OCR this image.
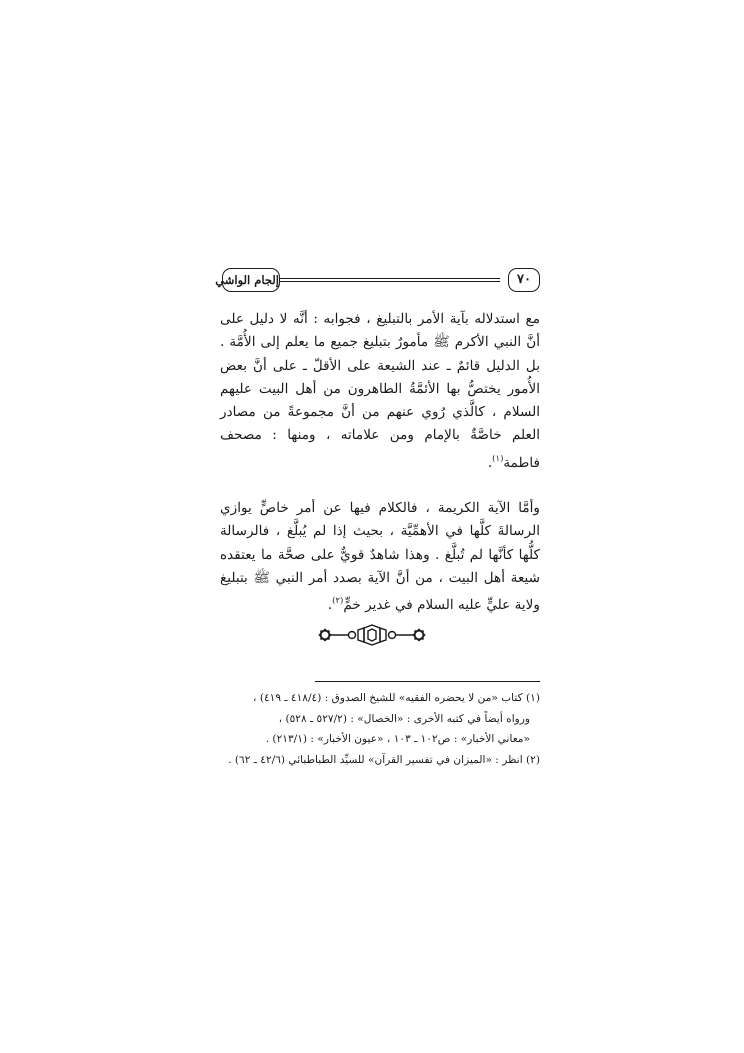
٧٠
إلجام الواشي

مع استدلاله بآية الأمر بالتبليغ ، فجوابه : أنَّه لا دليل على أنَّ النبي الأكرم ﷺ مأمورٌ بتبليغ جميع ما يعلم إلى الأُمَّة . بل الدليل قائمٌ ـ عند الشيعة على الأقلّ ـ على أنَّ بعض الأُمور يختصُّ بها الأئمَّةُ الطاهرون من أهل البيت عليهم السلام ، كالَّذي رُوي عنهم من أنَّ مجموعةً من مصادر العلم خاصَّةٌ بالإمام ومن علاماته ، ومنها : مصحف فاطمة$^{(١)}$.

وأمَّا الآية الكريمة ، فالكلام فيها عن أمر خاصٍّ يوازي الرسالةَ كلَّها في الأهمِّيَّة ، بحيث إذا لم يُبلَّغ ، فالرسالة كلُّها كأنَّها لم تُبلَّغ . وهذا شاهدٌ قويٌّ على صحَّة ما يعتقده شيعة أهل البيت ، من أنَّ الآية بصدد أمر النبي ﷺ بتبليغ ولاية عليٍّ عليه السلام في غدير خمٍّ$^{(٢)}$.

(١) كتاب «من لا يحضره الفقيه» للشيخ الصدوق : (٤١٨/٤ ـ ٤١٩) ،

ورواه أيضاً في كتبه الأخرى : «الخصال» : (٥٢٧/٢ ـ ٥٢٨) ،

«معاني الأخبار» : ص١٠٢ ـ ١٠٣ ، «عيون الأخبار» : (٢١٣/١) .

(٢) انظر : «الميزان في تفسير القرآن» للسيِّد الطباطبائي (٤٢/٦ ـ ٦٢) .
